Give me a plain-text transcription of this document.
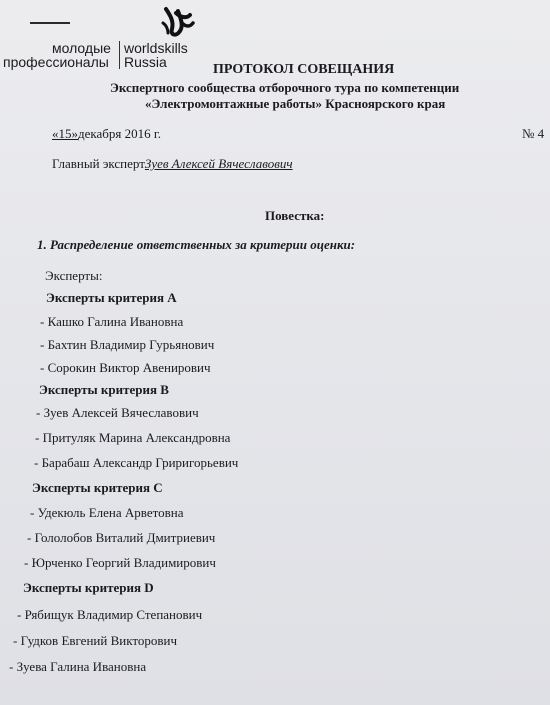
молодые
профессионалы
worldskills
Russia	ПРОТОКОЛ СОВЕЩАНИЯ
Экспертного сообщества отборочного тура по компетенции
«Электромонтажные работы» Красноярского края
«15»декабря 2016 г.	№ 4
Главный экспертЗуев Алексей Вячеславович
Повестка:
1. Распределение ответственных за критерии оценки:
Эксперты:
Эксперты критерия А
- Кашко Галина Ивановна
- Бахтин Владимир Гурьянович
- Сорокин Виктор Авенирович
Эксперты критерия В
- Зуев Алексей Вячеславович
- Притуляк Марина Александровна
- Барабаш Александр Гриригорьевич
Эксперты критерия С
- Удекюль Елена Арветовна
- Гололобов Виталий Дмитриевич
- Юрченко Георгий Владимирович
Эксперты критерия D
- Рябищук Владимир Степанович
- Гудков Евгений Викторович
- Зуева Галина Ивановна
